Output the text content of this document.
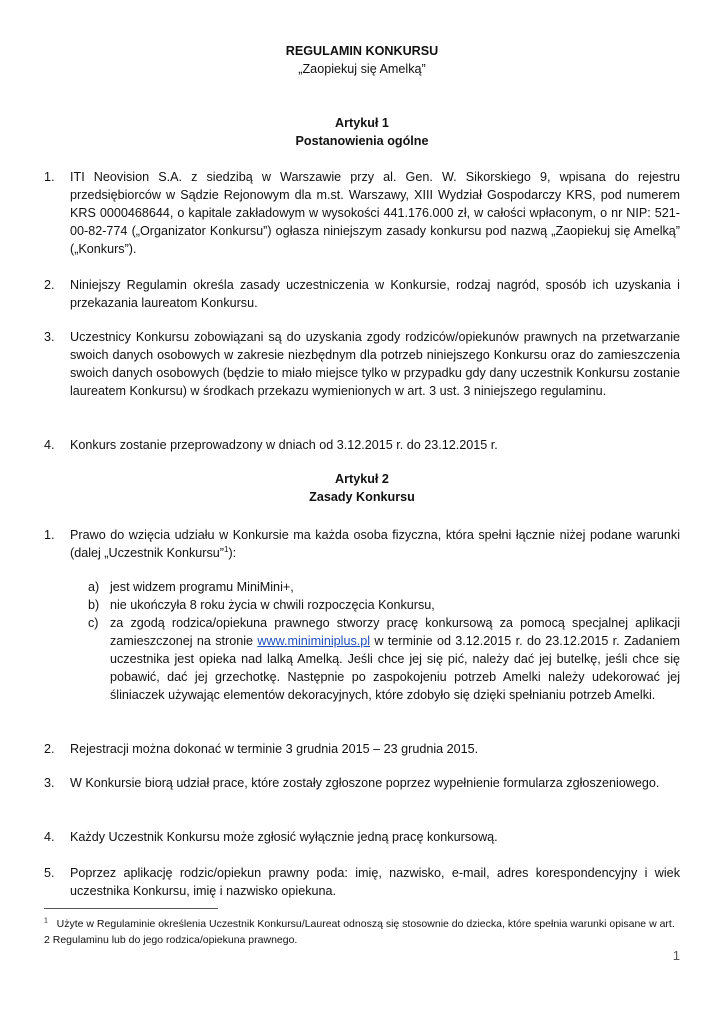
REGULAMIN KONKURSU
„Zaopiekuj się Amelką”
Artykuł 1
Postanowienia ogólne
1.	ITI Neovision S.A. z siedzibą w Warszawie przy al. Gen. W. Sikorskiego 9, wpisana do rejestru przedsiębiorców w Sądzie Rejonowym dla m.st. Warszawy, XIII Wydział Gospodarczy KRS, pod numerem KRS 0000468644, o kapitale zakładowym w wysokości 441.176.000 zł, w całości wpłaconym, o nr NIP: 521-00-82-774 („Organizator Konkursu”) ogłasza niniejszym zasady konkursu pod nazwą „Zaopiekuj się Amelką” („Konkurs”).
2.	Niniejszy Regulamin określa zasady uczestniczenia w Konkursie, rodzaj nagród, sposób ich uzyskania i przekazania laureatom Konkursu.
3.	Uczestnicy Konkursu zobowiązani są do uzyskania zgody rodziców/opiekunów prawnych na przetwarzanie swoich danych osobowych w zakresie niezbędnym dla potrzeb niniejszego Konkursu oraz do zamieszczenia swoich danych osobowych (będzie to miało miejsce tylko w przypadku gdy dany uczestnik Konkursu zostanie laureatem Konkursu) w środkach przekazu wymienionych w art. 3 ust. 3 niniejszego regulaminu.
4.	Konkurs zostanie przeprowadzony w dniach od 3.12.2015 r. do 23.12.2015 r.
Artykuł 2
Zasady Konkursu
1.	Prawo do wzięcia udziału w Konkursie ma każda osoba fizyczna, która spełni łącznie niżej podane warunki (dalej „Uczestnik Konkursu”$^1$):
a) jest widzem programu MiniMini+,
b) nie ukończyła 8 roku życia w chwili rozpoczęcia Konkursu,
c) za zgodą rodzica/opiekuna prawnego stworzy pracę konkursową za pomocą specjalnej aplikacji zamieszczonej na stronie www.miniminiplus.pl w terminie od 3.12.2015 r. do 23.12.2015 r. Zadaniem uczestnika jest opieka nad lalką Amelką. Jeśli chce jej się pić, należy dać jej butelkę, jeśli chce się pobawić, dać jej grzechotkę. Następnie po zaspokojeniu potrzeb Amelki należy udekorować jej śliniaczek używając elementów dekoracyjnych, które zdobyło się dzięki spełnianiu potrzeb Amelki.
2.	Rejestracji można dokonać w terminie 3 grudnia 2015 – 23 grudnia 2015.
3.	W Konkursie biorą udział prace, które zostały zgłoszone poprzez wypełnienie formularza zgłoszeniowego.
4.	Każdy Uczestnik Konkursu może zgłosić wyłącznie jedną pracę konkursową.
5.	Poprzez aplikację rodzic/opiekun prawny poda: imię, nazwisko, e-mail, adres korespondencyjny i wiek uczestnika Konkursu, imię i nazwisko opiekuna.
$^1$ Użyte w Regulaminie określenia Uczestnik Konkursu/Laureat odnoszą się stosownie do dziecka, które spełnia warunki opisane w art. 2 Regulaminu lub do jego rodzica/opiekuna prawnego.
1
